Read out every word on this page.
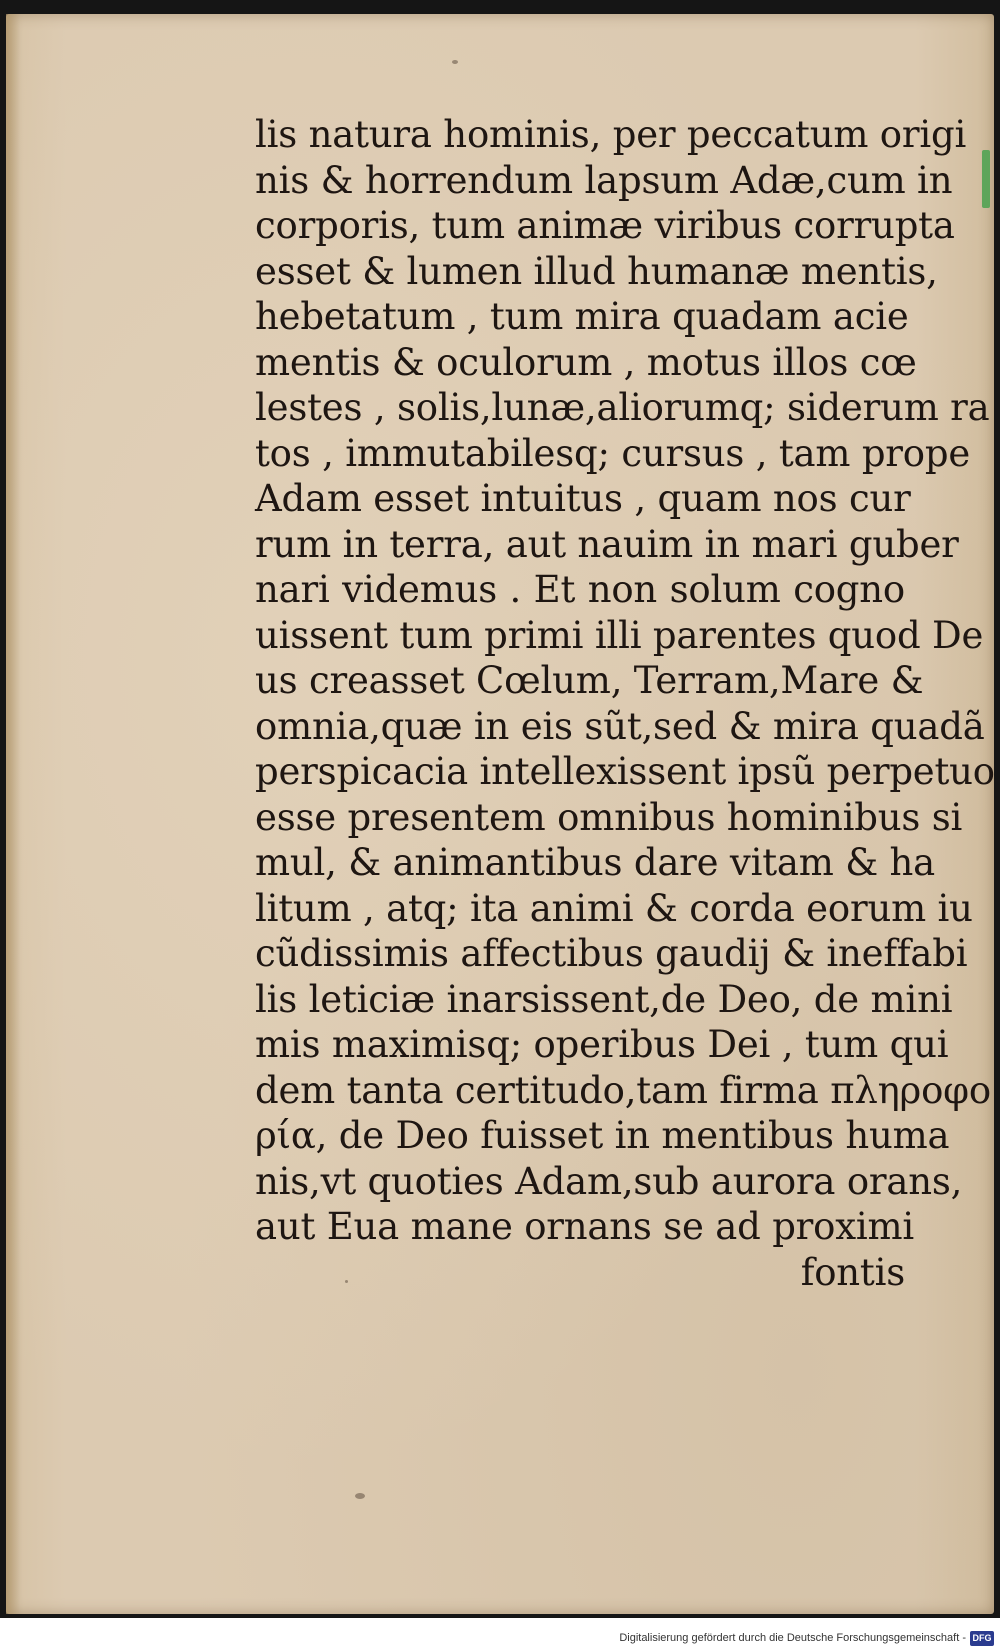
lis natura hominis, per peccatum origi
nis & horrendum lapsum Adæ,cum in
corporis, tum animæ viribus corrupta
esset & lumen illud humanæ mentis,
hebetatum , tum mira quadam acie
mentis & oculorum , motus illos cœ
lestes , solis,lunæ,aliorumq; siderum ra
tos , immutabilesq; cursus , tam prope
Adam esset intuitus , quam nos cur
rum in terra, aut nauim in mari guber
nari videmus . Et non solum cogno
uissent tum primi illi parentes quod De
us creasset Cœlum, Terram,Mare &
omnia,quæ in eis sũt,sed & mira quadã
perspicacia intellexissent ipsũ perpetuo
esse presentem omnibus hominibus si
mul, & animantibus dare vitam & ha
litum , atq; ita animi & corda eorum iu
cũdissimis affectibus gaudij & ineffabi
lis leticiæ inarsissent,de Deo, de mini
mis maximisq; operibus Dei , tum qui
dem tanta certitudo,tam firma πληροφο
ρία, de Deo fuisset in mentibus huma
nis,vt quoties Adam,sub aurora orans,
aut Eua mane ornans se ad proximi
fontis
Digitalisierung gefördert durch die Deutsche Forschungsgemeinschaft - DFG
